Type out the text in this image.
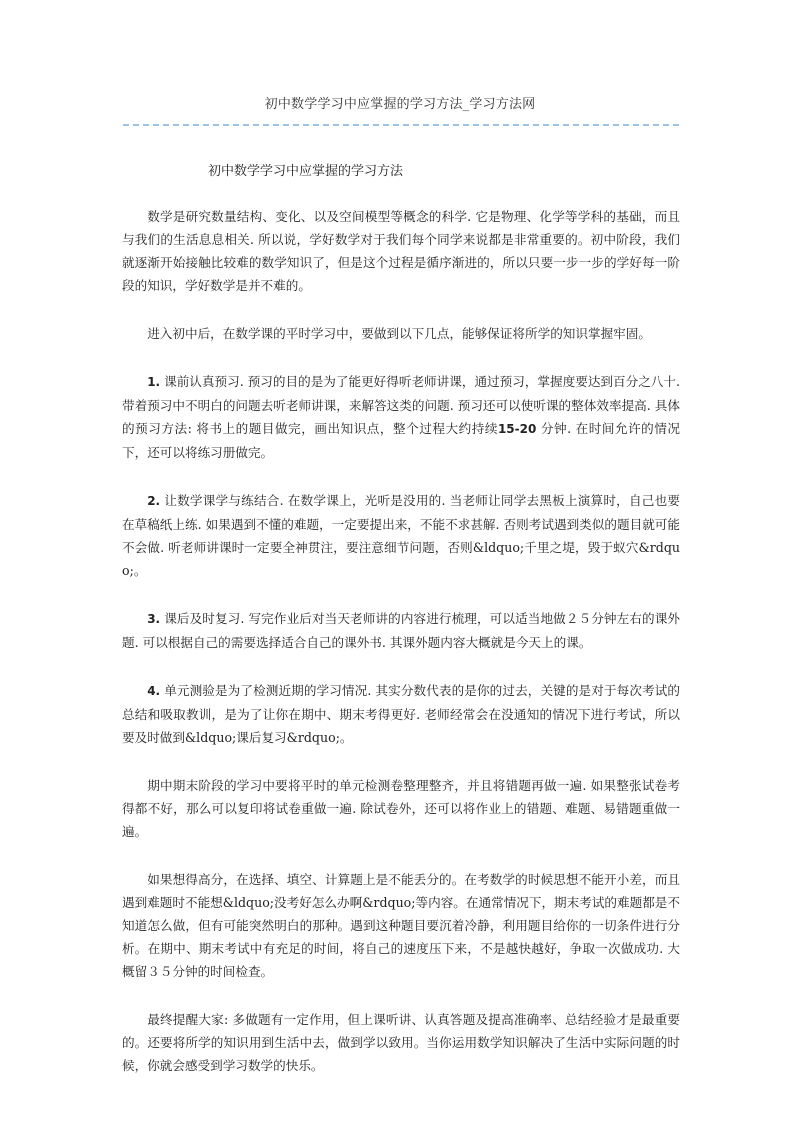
初中数学学习中应掌握的学习方法_学习方法网
初中数学学习中应掌握的学习方法

数学是研究数量结构、变化、以及空间模型等概念的科学. 它是物理、化学等学科的基础，而且与我们的生活息息相关. 所以说，学好数学对于我们每个同学来说都是非常重要的。初中阶段，我们就逐渐开始接触比较难的数学知识了，但是这个过程是循序渐进的，所以只要一步一步的学好每一阶段的知识，学好数学是并不难的。

进入初中后，在数学课的平时学习中，要做到以下几点，能够保证将所学的知识掌握牢固。

1. 课前认真预习. 预习的目的是为了能更好得听老师讲课，通过预习，掌握度要达到百分之八十. 带着预习中不明白的问题去听老师讲课，来解答这类的问题. 预习还可以使听课的整体效率提高. 具体的预习方法: 将书上的题目做完，画出知识点，整个过程大约持续15-20 分钟. 在时间允许的情况下，还可以将练习册做完。

2. 让数学课学与练结合. 在数学课上，光听是没用的. 当老师让同学去黑板上演算时，自己也要在草稿纸上练. 如果遇到不懂的难题，一定要提出来，不能不求甚解. 否则考试遇到类似的题目就可能不会做. 听老师讲课时一定要全神贯注，要注意细节问题，否则&ldquo;千里之堤，毁于蚁穴&rdquo;。

3. 课后及时复习. 写完作业后对当天老师讲的内容进行梳理，可以适当地做２５分钟左右的课外题. 可以根据自己的需要选择适合自己的课外书. 其课外题内容大概就是今天上的课。

4. 单元测验是为了检测近期的学习情况. 其实分数代表的是你的过去，关键的是对于每次考试的总结和吸取教训，是为了让你在期中、期末考得更好. 老师经常会在没通知的情况下进行考试，所以要及时做到&ldquo;课后复习&rdquo;。

期中期末阶段的学习中要将平时的单元检测卷整理整齐，并且将错题再做一遍. 如果整张试卷考得都不好，那么可以复印将试卷重做一遍. 除试卷外，还可以将作业上的错题、难题、易错题重做一遍。

如果想得高分，在选择、填空、计算题上是不能丢分的。在考数学的时候思想不能开小差，而且遇到难题时不能想&ldquo;没考好怎么办啊&rdquo;等内容。在通常情况下，期末考试的难题都是不知道怎么做，但有可能突然明白的那种。遇到这种题目要沉着冷静，利用题目给你的一切条件进行分析。在期中、期末考试中有充足的时间，将自己的速度压下来，不是越快越好，争取一次做成功. 大概留３５分钟的时间检查。

最终提醒大家: 多做题有一定作用，但上课听讲、认真答题及提高准确率、总结经验才是最重要的。还要将所学的知识用到生活中去，做到学以致用。当你运用数学知识解决了生活中实际问题的时候，你就会感受到学习数学的快乐。
